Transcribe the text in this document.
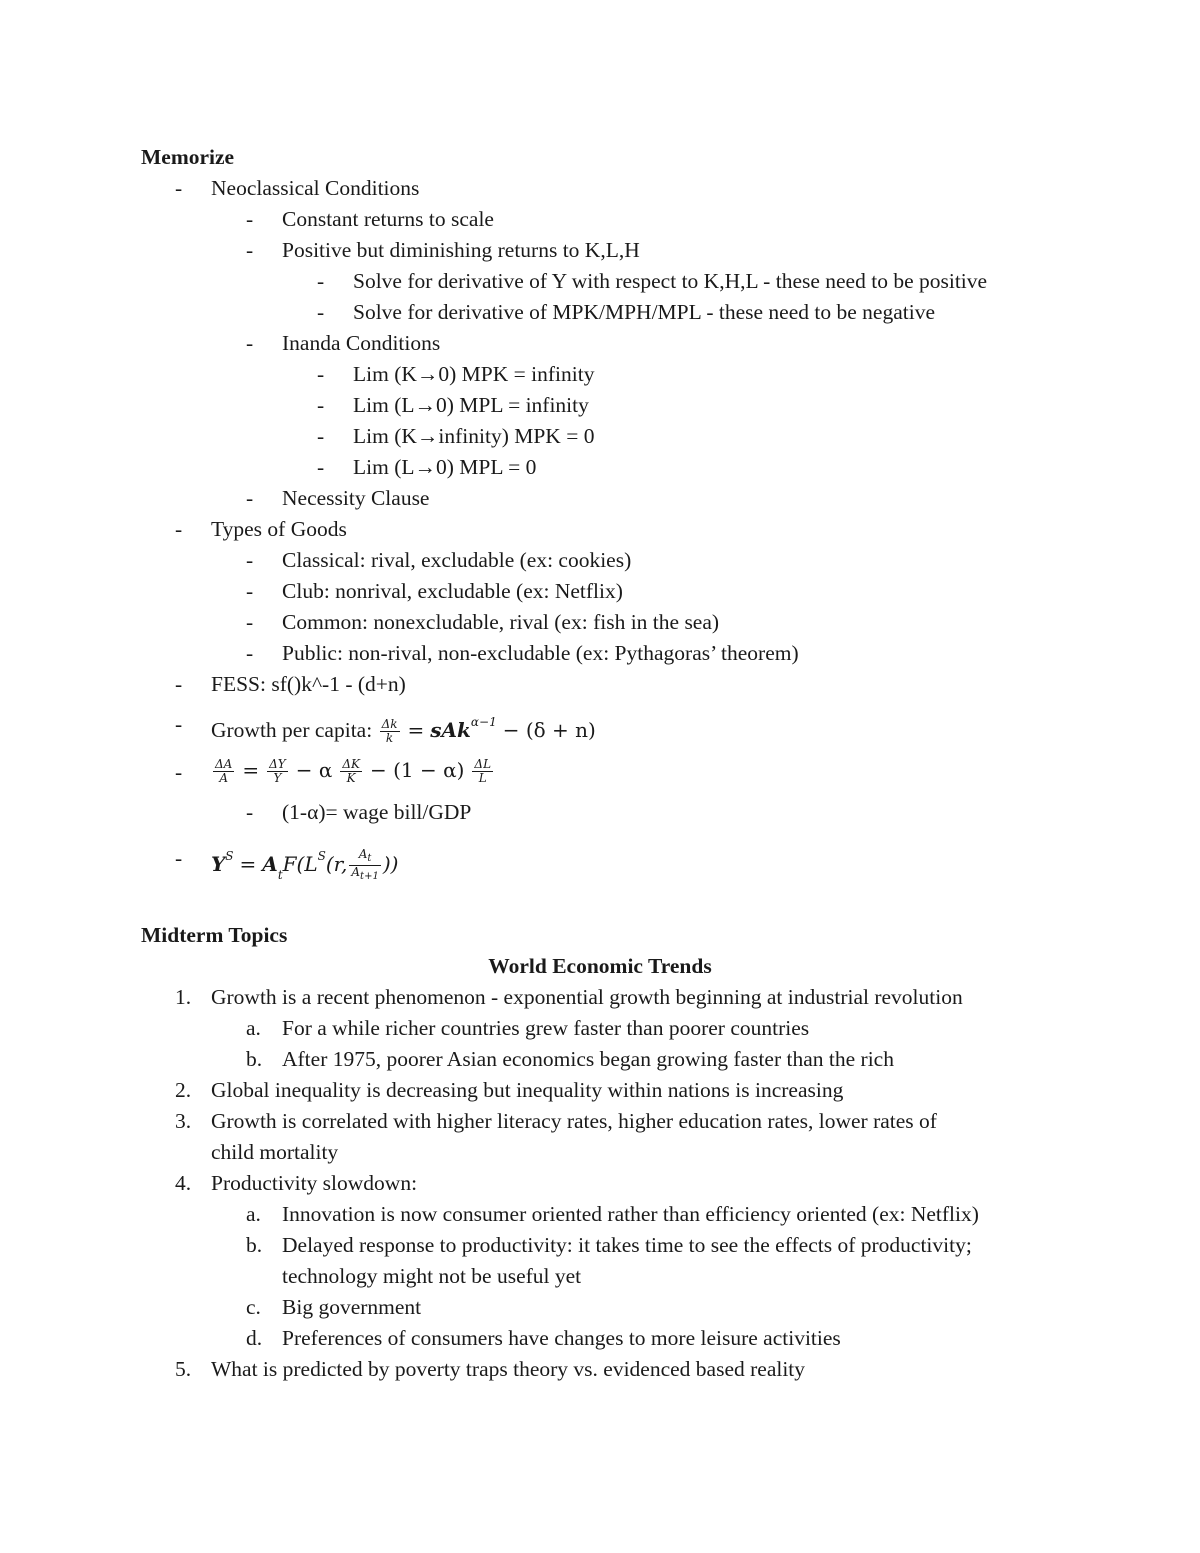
Memorize
- Neoclassical Conditions
- Constant returns to scale
- Positive but diminishing returns to K,L,H
- Solve for derivative of Y with respect to K,H,L - these need to be positive
- Solve for derivative of MPK/MPH/MPL - these need to be negative
- Inanda Conditions
- Lim (K→0) MPK = infinity
- Lim (L→0) MPL = infinity
- Lim (K→infinity) MPK = 0
- Lim (L→0) MPL = 0
- Necessity Clause
- Types of Goods
- Classical: rival, excludable (ex: cookies)
- Club: nonrival, excludable (ex: Netflix)
- Common: nonexcludable, rival (ex: fish in the sea)
- Public: non-rival, non-excludable (ex: Pythagoras’ theorem)
- FESS: sf()k^-1 - (d+n)
- Growth per capita: $\frac{\Delta k}{k} = sAk^{\alpha-1} - (\delta + n)$
-	$\frac{\Delta A}{A} = \frac{\Delta Y}{Y} - \alpha \frac{\Delta K}{K} - (1 - \alpha) \frac{\Delta L}{L}$
- (1-α)= wage bill/GDP
- $Y^S = A_tF(L^S(r$, $\frac{A_t}{A_{t+1}}$ ))
Midterm Topics
World Economic Trends
1. Growth is a recent phenomenon - exponential growth beginning at industrial revolution
a. For a while richer countries grew faster than poorer countries
b. After 1975, poorer Asian economics began growing faster than the rich
2. Global inequality is decreasing but inequality within nations is increasing
3. Growth is correlated with higher literacy rates, higher education rates, lower rates of
child mortality
4. Productivity slowdown:
a. Innovation is now consumer oriented rather than efficiency oriented (ex: Netflix)
b. Delayed response to productivity: it takes time to see the effects of productivity;
technology might not be useful yet
c. Big government
d. Preferences of consumers have changes to more leisure activities
5. What is predicted by poverty traps theory vs. evidenced based reality
